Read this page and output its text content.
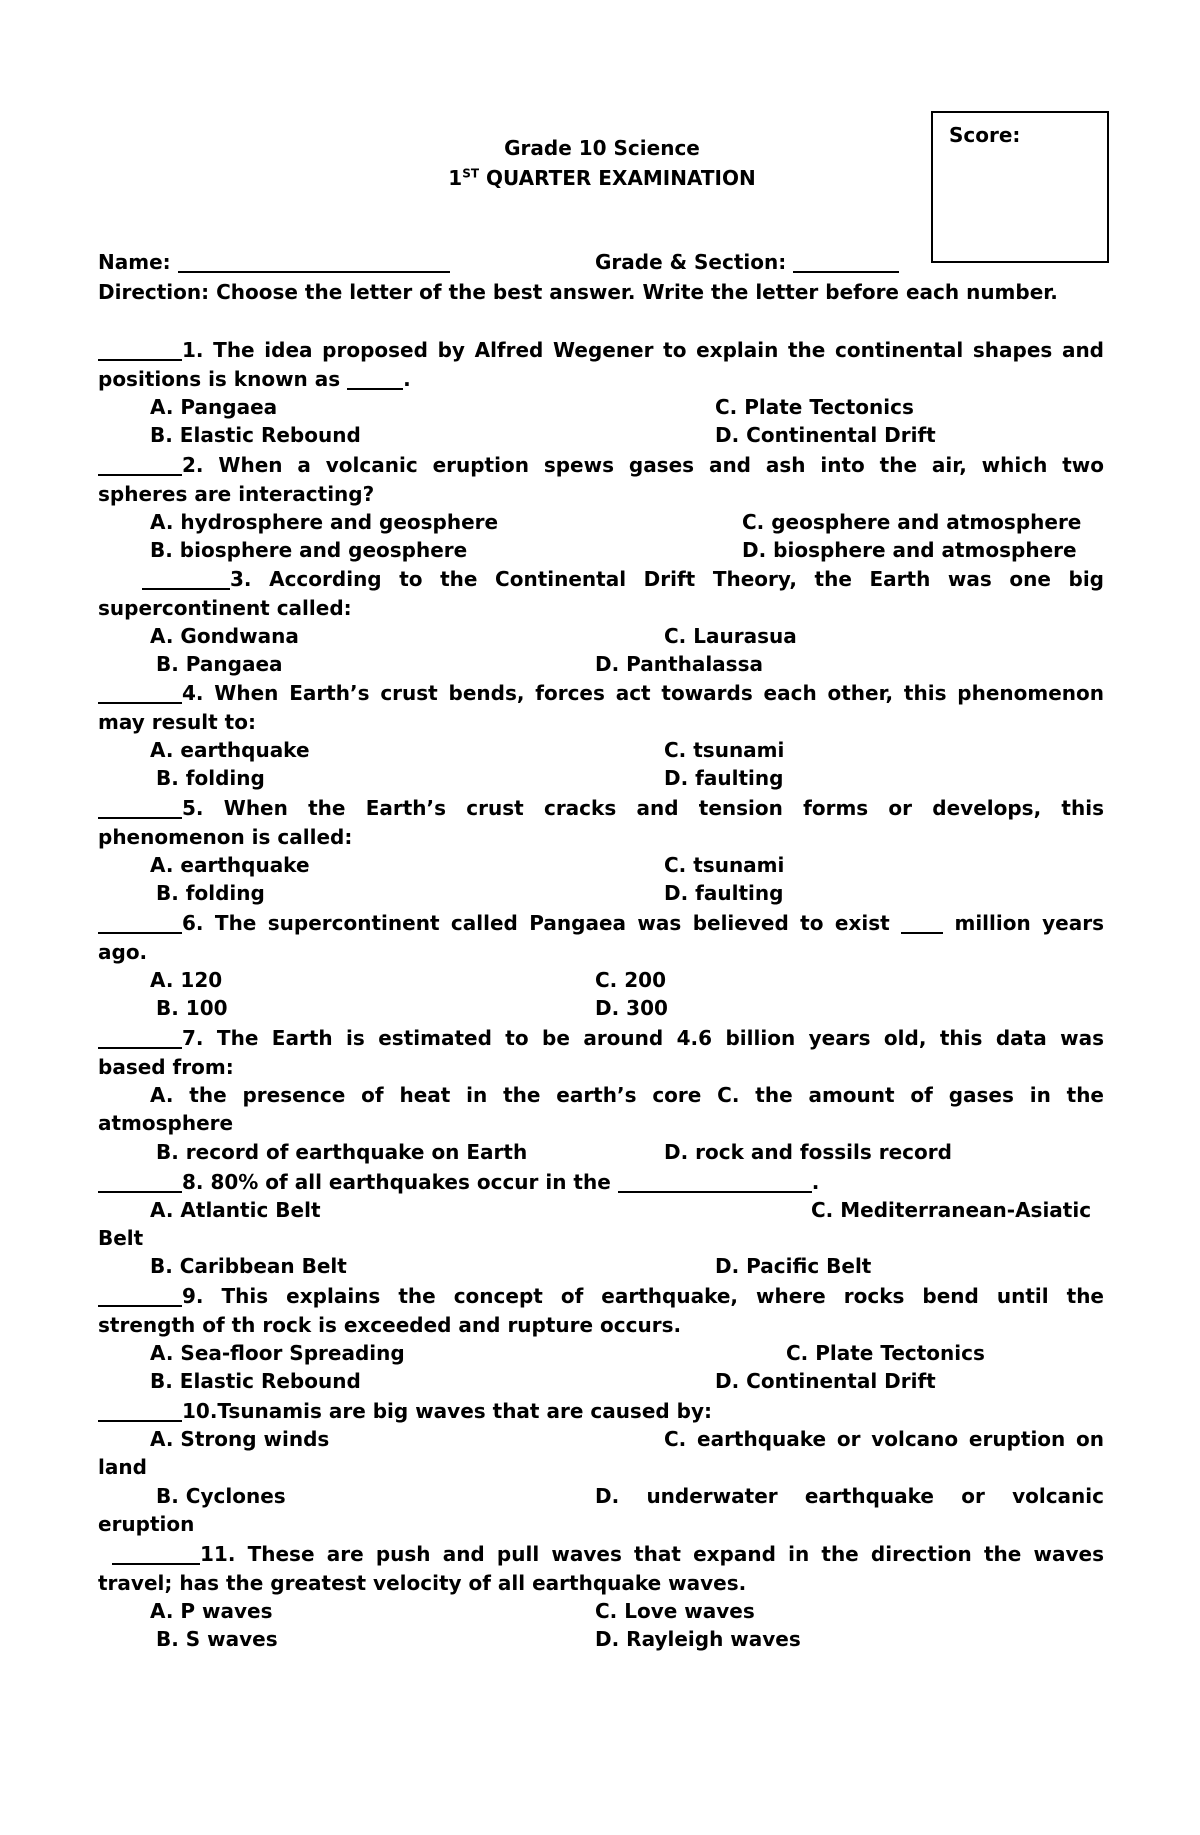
Grade 10 Science
1ST QUARTER EXAMINATION
Score:
Name:	Grade & Section:
Direction: Choose the letter of the best answer. Write the letter before each number.
1. The idea proposed by Alfred Wegener to explain the continental shapes and
positions is known as	.
A. Pangaea	C. Plate Tectonics
B. Elastic Rebound	D. Continental Drift
2. When a volcanic eruption spews gases and ash into the air, which two
spheres are interacting?
A. hydrosphere and geosphere	C. geosphere and atmosphere
B. biosphere and geosphere	D. biosphere and atmosphere
3. According to the Continental Drift Theory, the Earth was one big
supercontinent called:
A. Gondwana	C. Laurasua
B. Pangaea	D. Panthalassa
4. When Earth’s crust bends, forces act towards each other, this phenomenon
may result to:
A. earthquake	C. tsunami
B. folding	D. faulting
5. When the Earth’s crust cracks and tension forms or develops, this
phenomenon is called:
A. earthquake	C. tsunami
B. folding	D. faulting
6. The supercontinent called Pangaea was believed to exist  million years
ago.
A. 120	C. 200
B. 100	D. 300
7. The Earth is estimated to be around 4.6 billion years old, this data was
based from:
A. the presence of heat in the earth’s core C. the amount of gases in the
atmosphere
B. record of earthquake on Earth	D. rock and fossils record
8. 80% of all earthquakes occur in the	.
A. Atlantic Belt	C. Mediterranean-Asiatic
Belt
B. Caribbean Belt	D. Pacific Belt
9. This explains the concept of earthquake, where rocks bend until the
strength of th rock is exceeded and rupture occurs.
A. Sea-floor Spreading	C. Plate Tectonics
B. Elastic Rebound	D. Continental Drift
10.Tsunamis are big waves that are caused by:
A. Strong winds	C. earthquake or volcano eruption on
land
B. Cyclones	D. underwater earthquake or volcanic
eruption
11. These are push and pull waves that expand in the direction the waves
travel; has the greatest velocity of all earthquake waves.
A. P waves	C. Love waves
B. S waves	D. Rayleigh waves
